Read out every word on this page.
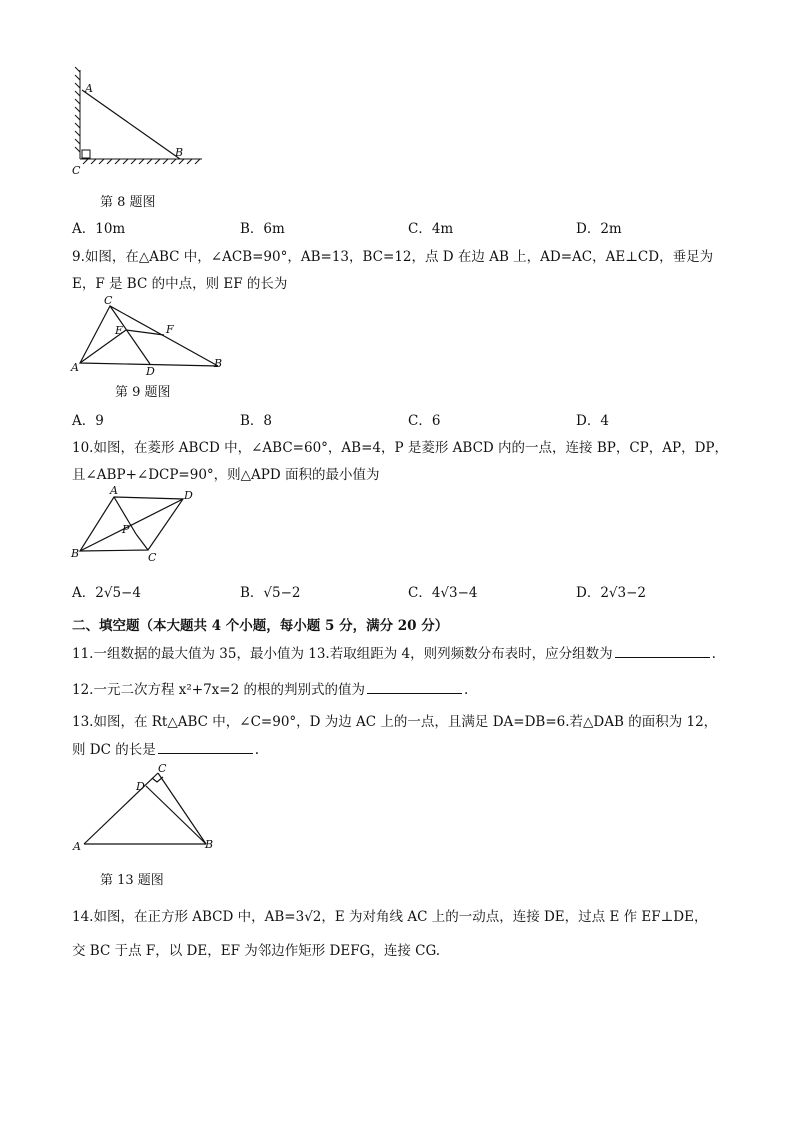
A
B
C
第 8 题图
A．10m	B．6m	C．4m	D．2m
9.如图，在△ABC 中，∠ACB=90°，AB=13，BC=12，点 D 在边 AB 上，AD=AC，AE⊥CD，垂足为
E，F 是 BC 的中点，则 EF 的长为
C
E	F
A	D
B
第 9 题图
A．9	B．8	C．6	D．4
10.如图，在菱形 ABCD 中，∠ABC=60°，AB=4，P 是菱形 ABCD 内的一点，连接 BP，CP，AP，DP，
且∠ABP+∠DCP=90°，则△APD 面积的最小值为
A	D
P
B	C
A．2√5−4	B．√5−2	C．4√3−4	D．2√3−2
二、填空题（本大题共 4 个小题，每小题 5 分，满分 20 分）
11.一组数据的最大值为 35，最小值为 13.若取组距为 4，则列频数分布表时，应分组数为	.
12.一元二次方程 x²+7x=2 的根的判别式的值为	.
13.如图，在 Rt△ABC 中，∠C=90°，D 为边 AC 上的一点，且满足 DA=DB=6.若△DAB 的面积为 12，
则 DC 的长是	.
C
D
A	B
第 13 题图
14.如图，在正方形 ABCD 中，AB=3√2，E 为对角线 AC 上的一动点，连接 DE，过点 E 作 EF⊥DE，
交 BC 于点 F，以 DE，EF 为邻边作矩形 DEFG，连接 CG.
